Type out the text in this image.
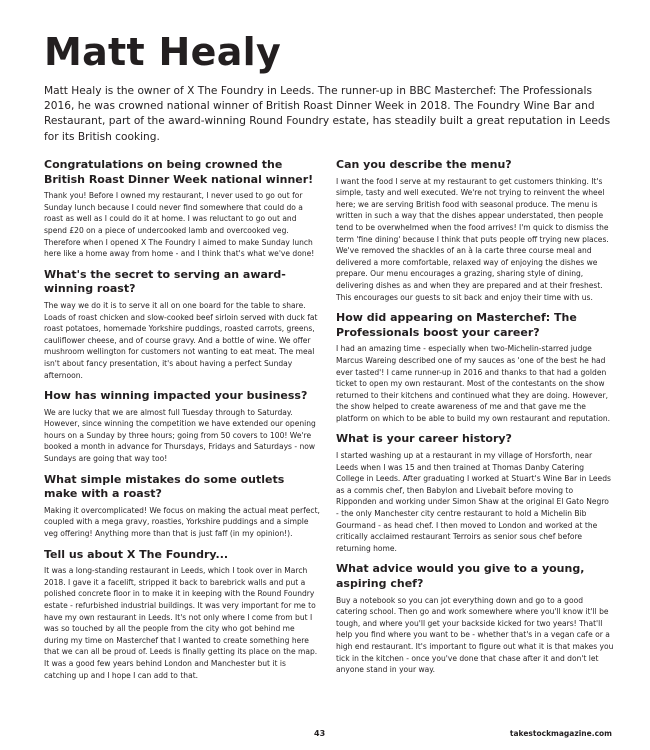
Matt Healy

Matt Healy is the owner of X The Foundry in Leeds. The runner-up in BBC Masterchef: The Professionals 2016, he was crowned national winner of British Roast Dinner Week in 2018. The Foundry Wine Bar and Restaurant, part of the award-winning Round Foundry estate, has steadily built a great reputation in Leeds for its British cooking.

Congratulations on being crowned the British Roast Dinner Week national winner!

Thank you! Before I owned my restaurant, I never used to go out for Sunday lunch because I could never find somewhere that could do a roast as well as I could do it at home. I was reluctant to go out and spend £20 on a piece of undercooked lamb and overcooked veg. Therefore when I opened X The Foundry I aimed to make Sunday lunch here like a home away from home - and I think that's what we've done!

What's the secret to serving an award-winning roast?

The way we do it is to serve it all on one board for the table to share. Loads of roast chicken and slow-cooked beef sirloin served with duck fat roast potatoes, homemade Yorkshire puddings, roasted carrots, greens, cauliflower cheese, and of course gravy. And a bottle of wine. We offer mushroom wellington for customers not wanting to eat meat. The meal isn't about fancy presentation, it's about having a perfect Sunday afternoon.

How has winning impacted your business?

We are lucky that we are almost full Tuesday through to Saturday. However, since winning the competition we have extended our opening hours on a Sunday by three hours; going from 50 covers to 100! We're booked a month in advance for Thursdays, Fridays and Saturdays - now Sundays are going that way too!

What simple mistakes do some outlets make with a roast?

Making it overcomplicated! We focus on making the actual meat perfect, coupled with a mega gravy, roasties, Yorkshire puddings and a simple veg offering! Anything more than that is just faff (in my opinion!).

Tell us about X The Foundry...

It was a long-standing restaurant in Leeds, which I took over in March 2018. I gave it a facelift, stripped it back to barebrick walls and put a polished concrete floor in to make it in keeping with the Round Foundry estate - refurbished industrial buildings. It was very important for me to have my own restaurant in Leeds. It's not only where I come from but I was so touched by all the people from the city who got behind me during my time on Masterchef that I wanted to create something here that we can all be proud of. Leeds is finally getting its place on the map. It was a good few years behind London and Manchester but it is catching up and I hope I can add to that.

Can you describe the menu?

I want the food I serve at my restaurant to get customers thinking. It's simple, tasty and well executed. We're not trying to reinvent the wheel here; we are serving British food with seasonal produce. The menu is written in such a way that the dishes appear understated, then people tend to be overwhelmed when the food arrives! I'm quick to dismiss the term 'fine dining' because I think that puts people off trying new places. We've removed the shackles of an à la carte three course meal and delivered a more comfortable, relaxed way of enjoying the dishes we prepare. Our menu encourages a grazing, sharing style of dining, delivering dishes as and when they are prepared and at their freshest. This encourages our guests to sit back and enjoy their time with us.

How did appearing on Masterchef: The Professionals boost your career?

I had an amazing time - especially when two-Michelin-starred judge Marcus Wareing described one of my sauces as 'one of the best he had ever tasted'! I came runner-up in 2016 and thanks to that had a golden ticket to open my own restaurant. Most of the contestants on the show returned to their kitchens and continued what they are doing. However, the show helped to create awareness of me and that gave me the platform on which to be able to build my own restaurant and reputation.

What is your career history?

I started washing up at a restaurant in my village of Horsforth, near Leeds when I was 15 and then trained at Thomas Danby Catering College in Leeds. After graduating I worked at Stuart's Wine Bar in Leeds as a commis chef, then Babylon and Livebait before moving to Ripponden and working under Simon Shaw at the original El Gato Negro - the only Manchester city centre restaurant to hold a Michelin Bib Gourmand - as head chef. I then moved to London and worked at the critically acclaimed restaurant Terroirs as senior sous chef before returning home.

What advice would you give to a young, aspiring chef?

Buy a notebook so you can jot everything down and go to a good catering school. Then go and work somewhere where you'll know it'll be tough, and where you'll get your backside kicked for two years! That'll help you find where you want to be - whether that's in a vegan cafe or a high end restaurant. It's important to figure out what it is that makes you tick in the kitchen - once you've done that chase after it and don't let anyone stand in your way.

43	takestockmagazine.com
